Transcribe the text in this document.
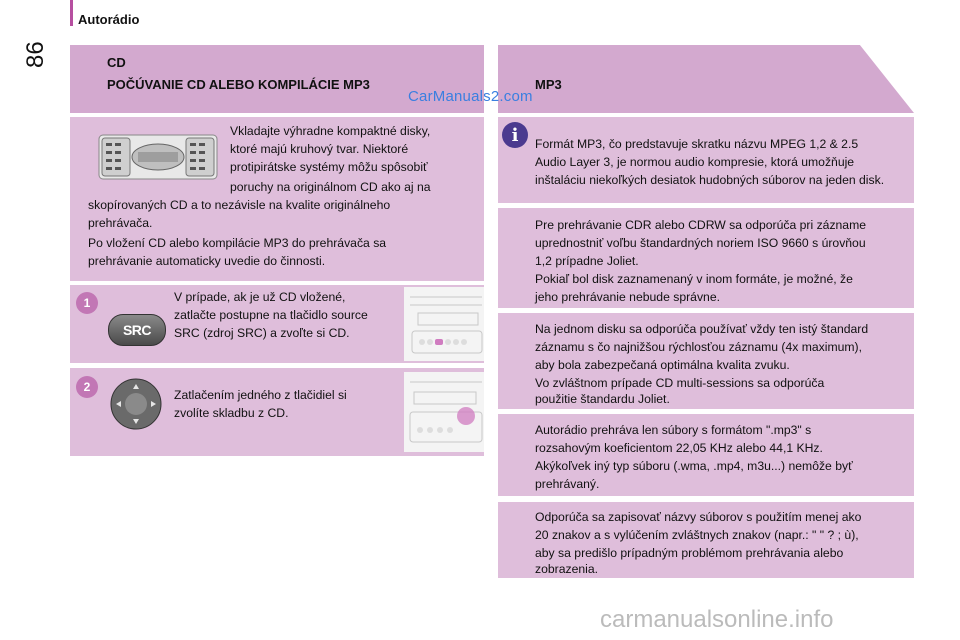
Autorádio
86	CD
POČÚVANIE CD ALEBO KOMPILÁCIE MP3	MP3
CarManuals2.com
Vkladajte výhradne kompaktné disky,
ktoré majú kruhový tvar. Niektoré
protipirátske systémy môžu spôsobiť
poruchy na originálnom CD ako aj na
skopírovaných CD a to nezávisle na kvalite originálneho
prehrávača.
Po vložení CD alebo kompilácie MP3 do prehrávača sa
prehrávanie automaticky uvedie do činnosti.
1
SRC
V prípade, ak je už CD vložené,
zatlačte postupne na tlačidlo source
SRC (zdroj SRC) a zvoľte si CD.
2
Zatlačením jedného z tlačidiel si
zvolíte skladbu z CD.
i	Formát MP3, čo predstavuje skratku názvu MPEG 1,2 & 2.5
Audio Layer 3, je normou audio kompresie, ktorá umožňuje
inštaláciu niekoľkých desiatok hudobných súborov na jeden disk.
Pre prehrávanie CDR alebo CDRW sa odporúča pri zázname
uprednostniť voľbu štandardných noriem ISO 9660 s úrovňou
1,2 prípadne Joliet.
Pokiaľ bol disk zaznamenaný v inom formáte, je možné, že
jeho prehrávanie nebude správne.
Na jednom disku sa odporúča používať vždy ten istý štandard
záznamu s čo najnižšou rýchlosťou záznamu (4x maximum),
aby bola zabezpečaná optimálna kvalita zvuku.
Vo zvláštnom prípade CD multi-sessions sa odporúča
použitie štandardu Joliet.
Autorádio prehráva len súbory s formátom ".mp3" s
rozsahovým koeficientom 22,05 KHz alebo 44,1 KHz.
Akýkoľvek iný typ súboru (.wma, .mp4, m3u...) nemôže byť
prehrávaný.
Odporúča sa zapisovať názvy súborov s použitím menej ako
20 znakov a s vylúčením zvláštnych znakov (napr.: " " ? ; ù),
aby sa predišlo prípadným problémom prehrávania alebo
zobrazenia.
carmanualsonline.info
